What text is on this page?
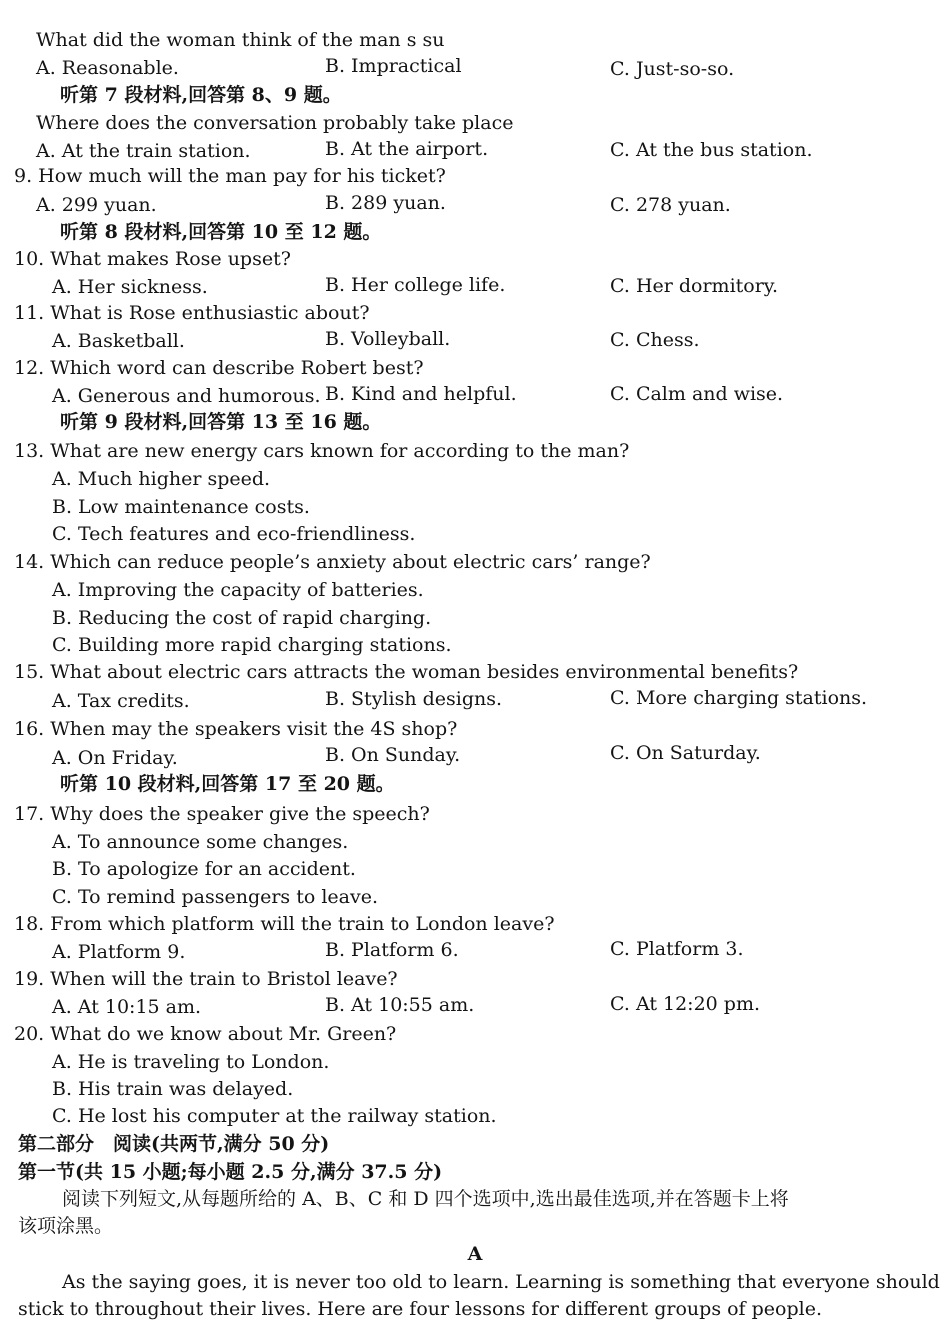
What did the woman think of the man s su
A. Reasonable.	B. Impractical	C. Just-so-so.
听第 7 段材料,回答第 8、9 题。
Where does the conversation probably take place
A. At the train station.	B. At the airport.	C. At the bus station.
9. How much will the man pay for his ticket?
A. 299 yuan.	B. 289 yuan.	C. 278 yuan.
听第 8 段材料,回答第 10 至 12 题。
10. What makes Rose upset?
A. Her sickness.	B. Her college life.	C. Her dormitory.
11. What is Rose enthusiastic about?
A. Basketball.	B. Volleyball.	C. Chess.
12. Which word can describe Robert best?
A. Generous and humorous. B. Kind and helpful.	C. Calm and wise.
听第 9 段材料,回答第 13 至 16 题。
13. What are new energy cars known for according to the man?
A. Much higher speed.
B. Low maintenance costs.
C. Tech features and eco-friendliness.
14. Which can reduce people’s anxiety about electric cars’ range?
A. Improving the capacity of batteries.
B. Reducing the cost of rapid charging.
C. Building more rapid charging stations.
15. What about electric cars attracts the woman besides environmental benefits?
A. Tax credits.	B. Stylish designs.	C. More charging stations.
16. When may the speakers visit the 4S shop?
A. On Friday.	B. On Sunday.	C. On Saturday.
听第 10 段材料,回答第 17 至 20 题。
17. Why does the speaker give the speech?
A. To announce some changes.
B. To apologize for an accident.
C. To remind passengers to leave.
18. From which platform will the train to London leave?
A. Platform 9.	B. Platform 6.	C. Platform 3.
19. When will the train to Bristol leave?
A. At 10:15 am.	B. At 10:55 am.	C. At 12:20 pm.
20. What do we know about Mr. Green?
A. He is traveling to London.
B. His train was delayed.
C. He lost his computer at the railway station.
第二部分　阅读(共两节,满分 50 分)
第一节(共 15 小题;每小题 2.5 分,满分 37.5 分)
阅读下列短文,从每题所给的 A、B、C 和 D 四个选项中,选出最佳选项,并在答题卡上将
该项涂黑。
A
As the saying goes, it is never too old to learn. Learning is something that everyone should
stick to throughout their lives. Here are four lessons for different groups of people.
